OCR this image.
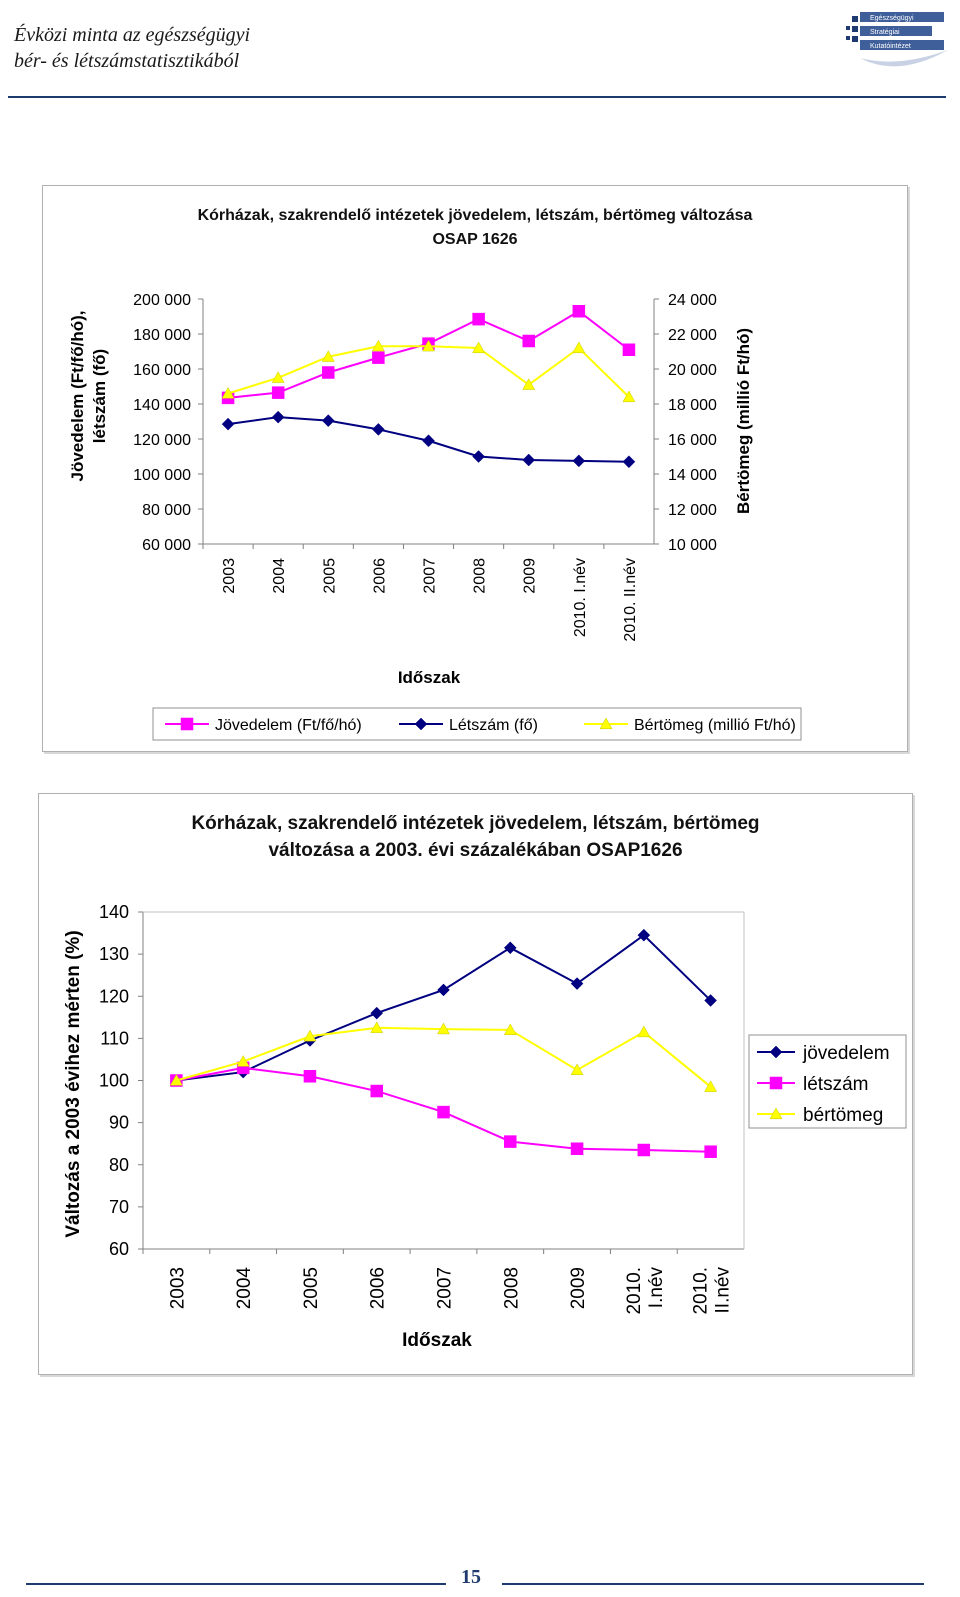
Évközi minta az egészségügyi
bér- és létszámstatisztikából
Egészségügyi
Stratégiai
Kutatóintézet
Kórházak, szakrendelő intézetek jövedelem, létszám, bértömeg változása
OSAP 1626
60 000
80 000
100 000
120 000
140 000
160 000
180 000
200 000
10 000
12 000
14 000
16 000
18 000
20 000
22 000
24 000
2003 2004 2005 2006 2007 2008 2009 2010. I.név 2010. II.név
Időszak
Jövedelem (Ft/fő/hó), létszám (fő)	Bértömeg (millió Ft/hó)
Jövedelem (Ft/fő/hó)	Létszám (fő)	Bértömeg (millió Ft/hó)
Kórházak, szakrendelő intézetek jövedelem, létszám, bértömeg
változása a 2003. évi százalékában OSAP1626
60
70
80
90
100
110
120
130
140
2003 2004 2005 2006 2007 2008 2009 2010. I.név 2010. II.név
Időszak
Változás a 2003 évihez mérten (%)	jövedelem
létszám
bértömeg
15
